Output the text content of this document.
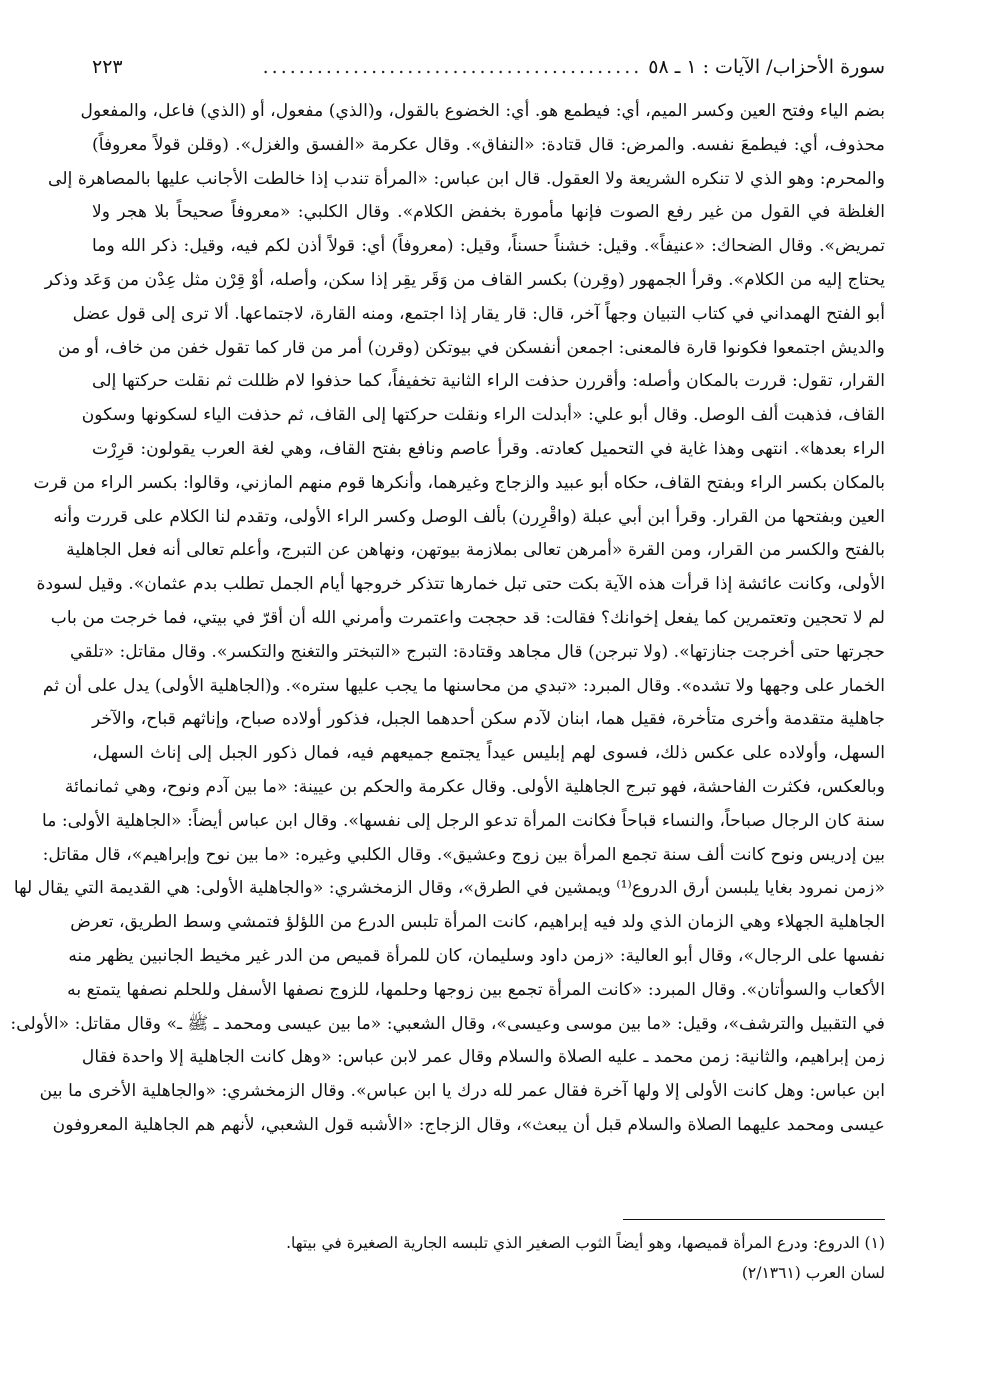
سورة الأحزاب/ الآيات : ١ ـ ٥٨
..........................................
٢٢٣
بضم الياء وفتح العين وكسر الميم، أي: فيطمع هو. أي: الخضوع بالقول، و(الذي) مفعول، أو (الذي) فاعل، والمفعول
محذوف، أي: فيطمعَ نفسه. والمرض: قال قتادة: «النفاق». وقال عكرمة «الفسق والغزل». (وقلن قولاً معروفاً)
والمحرم: وهو الذي لا تنكره الشريعة ولا العقول. قال ابن عباس: «المرأة تندب إذا خالطت الأجانب عليها بالمصاهرة إلى
الغلظة في القول من غير رفع الصوت فإنها مأمورة بخفض الكلام». وقال الكلبي: «معروفاً صحيحاً بلا هجر ولا
تمريض». وقال الضحاك: «عنيفاً». وقيل: خشناً حسناً، وقيل: (معروفاً) أي: قولاً أذن لكم فيه، وقيل: ذكر الله وما
يحتاج إليه من الكلام». وقرأ الجمهور (وقِرن) بكسر القاف من وَقَر يقِر إذا سكن، وأصله، أوْ قِرْن مثل عِدْن من وَعَد وذكر
أبو الفتح الهمداني في كتاب التبيان وجهاً آخر، قال: قار يقار إذا اجتمع، ومنه القارة، لاجتماعها. ألا ترى إلى قول عضل
والديش اجتمعوا فكونوا قارة فالمعنى: اجمعن أنفسكن في بيوتكن (وقرن) أمر من قار كما تقول خفن من خاف، أو من
القرار، تقول: قررت بالمكان وأصله: وأقررن حذفت الراء الثانية تخفيفاً، كما حذفوا لام ظللت ثم نقلت حركتها إلى
القاف، فذهبت ألف الوصل. وقال أبو علي: «أبدلت الراء ونقلت حركتها إلى القاف، ثم حذفت الياء لسكونها وسكون
الراء بعدها». انتهى وهذا غاية في التحميل كعادته. وقرأ عاصم ونافع بفتح القاف، وهي لغة العرب يقولون: قرِرْت
بالمكان بكسر الراء وبفتح القاف، حكاه أبو عبيد والزجاج وغيرهما، وأنكرها قوم منهم المازني، وقالوا: بكسر الراء من قرت
العين وبفتحها من القرار. وقرأ ابن أبي عبلة (واقْرِرن) بألف الوصل وكسر الراء الأولى، وتقدم لنا الكلام على قررت وأنه
بالفتح والكسر من القرار، ومن القرة «أمرهن تعالى بملازمة بيوتهن، ونهاهن عن التبرج، وأعلم تعالى أنه فعل الجاهلية
الأولى، وكانت عائشة إذا قرأت هذه الآية بكت حتى تبل خمارها تتذكر خروجها أيام الجمل تطلب بدم عثمان». وقيل لسودة
لم لا تحجين وتعتمرين كما يفعل إخوانك؟ فقالت: قد حججت واعتمرت وأمرني الله أن أقرّ في بيتي، فما خرجت من باب
حجرتها حتى أخرجت جنازتها». (ولا تبرجن) قال مجاهد وقتادة: التبرج «التبختر والتغنج والتكسر». وقال مقاتل: «تلقي
الخمار على وجهها ولا تشده». وقال المبرد: «تبدي من محاسنها ما يجب عليها ستره». و(الجاهلية الأولى) يدل على أن ثم
جاهلية متقدمة وأخرى متأخرة، فقيل هما، ابنان لآدم سكن أحدهما الجبل، فذكور أولاده صباح، وإناثهم قباح، والآخر
السهل، وأولاده على عكس ذلك، فسوى لهم إبليس عيداً يجتمع جميعهم فيه، فمال ذكور الجبل إلى إناث السهل،
وبالعكس، فكثرت الفاحشة، فهو تبرج الجاهلية الأولى. وقال عكرمة والحكم بن عيينة: «ما بين آدم ونوح، وهي ثمانمائة
سنة كان الرجال صباحاً، والنساء قباحاً فكانت المرأة تدعو الرجل إلى نفسها». وقال ابن عباس أيضاً: «الجاهلية الأولى: ما
بين إدريس ونوح كانت ألف سنة تجمع المرأة بين زوج وعشيق». وقال الكلبي وغيره: «ما بين نوح وإبراهيم»، قال مقاتل:
«زمن نمرود بغايا يلبسن أرق الدروع⁽¹⁾ ويمشين في الطرق»، وقال الزمخشري: «والجاهلية الأولى: هي القديمة التي يقال لها
الجاهلية الجهلاء وهي الزمان الذي ولد فيه إبراهيم، كانت المرأة تلبس الدرع من اللؤلؤ فتمشي وسط الطريق، تعرض
نفسها على الرجال»، وقال أبو العالية: «زمن داود وسليمان، كان للمرأة قميص من الدر غير مخيط الجانبين يظهر منه
الأكعاب والسوأتان». وقال المبرد: «كانت المرأة تجمع بين زوجها وحلمها، للزوج نصفها الأسفل وللحلم نصفها يتمتع به
في التقبيل والترشف»، وقيل: «ما بين موسى وعيسى»، وقال الشعبي: «ما بين عيسى ومحمد ـ ﷺ ـ» وقال مقاتل: «الأولى:
زمن إبراهيم، والثانية: زمن محمد ـ عليه الصلاة والسلام وقال عمر لابن عباس: «وهل كانت الجاهلية إلا واحدة فقال
ابن عباس: وهل كانت الأولى إلا ولها آخرة فقال عمر لله درك يا ابن عباس». وقال الزمخشري: «والجاهلية الأخرى ما بين
عيسى ومحمد عليهما الصلاة والسلام قبل أن يبعث»، وقال الزجاج: «الأشبه قول الشعبي، لأنهم هم الجاهلية المعروفون
(١) الدروع: ودرع المرأة قميصها، وهو أيضاً الثوب الصغير الذي تلبسه الجارية الصغيرة في بيتها.
لسان العرب (٢/١٣٦١)
